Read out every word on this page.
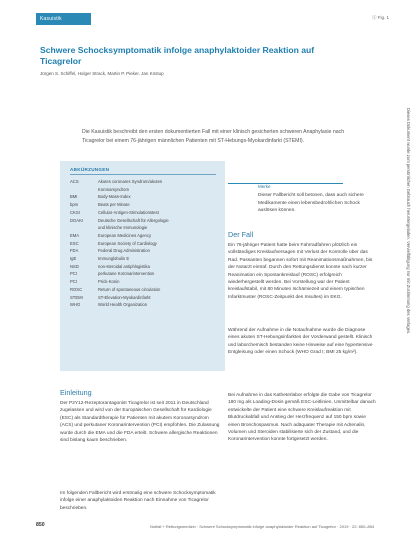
Kasuistik	ⓐ Fig. 1
Schwere Schocksymptomatik infolge anaphylaktoider Reaktion auf Ticagrelor
Jürgen S. Schiffel, Holger Strack, Martin P. Pieker, Jan Köstup
Die Kasuistik beschreibt den ersten dokumentierten Fall mit einer klinisch gesicherten schweren Anaphylaxie nach Ticagrelor bei einem 76-jährigen männlichen Patienten mit ST-Hebungs-Myokardinfarkt (STEMI).
ABKÜRZUNGEN
ACS	Akutes coronares Syndrom/akutes
Koronarsyndrom
BMI	Body-Mass-Index
bpm	Beats per Minute
CKSI	Cellular-Antigen-Stimulationstest
DGAKI	Deutsche Gesellschaft für Allergologie
und klinische Immunologie
EMA	European Medicines Agency
ESC	European Society of Cardiology
FDA	Federal Drug Administration
IgE	Immunglobulin E
NSD	non-steroidal antiphlogistika
PCI	perkutane Koronarintervention
PCI	Prick-Konin
ROSC	Return of spontaneous circulation
STEMI	ST-Elevation-Myokardinfarkt
WHO	World Health Organization
Merke
Dieser Fallbericht soll betonen, dass auch sichere Medikamente einen lebensbedrohlichen Schock auslösen können.
Der Fall
Ein 76-jähriger Patient hatte beim Fahrradfahren plötzlich ein vollständiges Kreislaufversagen mit Verlust der Kontrolle über das Rad. Passanten begannen sofort mit Reanimationsmaßnahmen, bis der Notarzt eintraf. Durch den Rettungsdienst konnte nach kurzer Reanimation ein Spontankreislauf (ROSC) erfolgreich wiederhergestellt werden. Bei Vorstellung war der Patient kreislaufstabil, mit 80 Minuten Ischämiezeit und einem typischen Infarktmuster (ROSC-Zeitpunkt des Insultes) im EKG.
Während der Aufnahme in die Notaufnahme wurde die Diagnose eines akuten ST-Hebungsinfarktes der Vorderwand gestellt. Klinisch und laborchemisch bestanden keine Hinweise auf eine hypertensive Entgleisung oder einen Schock (WHO Grad I; BMI 25 kg/m²).
Bei Aufnahme in das Katheterlabor erfolgte die Gabe von Ticagrelor 180 mg als Loading-Dosis gemäß ESC-Leitlinien. Unmittelbar danach entwickelte der Patient eine schwere Kreislaufreaktion mit Blutdruckabfall und Anstieg der Herzfrequenz auf 150 bpm sowie einen Bronchospasmus. Nach adäquater Therapie mit Adrenalin, Volumen und Steroiden stabilisierte sich der Zustand, und die Koronarintervention konnte fortgesetzt werden.
Einleitung
Der P2Y12-Rezeptorantagonist Ticagrelor ist seit 2011 in Deutschland zugelassen und wird von der Europäischen Gesellschaft für Kardiologie (ESC) als Standardtherapie für Patienten mit akutem Koronarsyndrom (ACS) und perkutaner Koronarintervention (PCI) empfohlen. Die Zulassung wurde durch die EMA und die FDA erteilt. Schwere allergische Reaktionen sind bislang kaum beschrieben.
Im folgenden Fallbericht wird erstmalig eine schwere Schocksymptomatik infolge einer anaphylaktoiden Reaktion nach Einnahme von Ticagrelor beschrieben.
850	Notfall + Rettungsmedizin · Schwere Schocksymptomatik infolge anaphylaktoider Reaktion auf Ticagrelor · 2019 · 22: 850–854
Dieses Dokument wurde zum persönlichen Gebrauch heruntergeladen. Vervielfältigung nur mit Zustimmung des Verlages.
